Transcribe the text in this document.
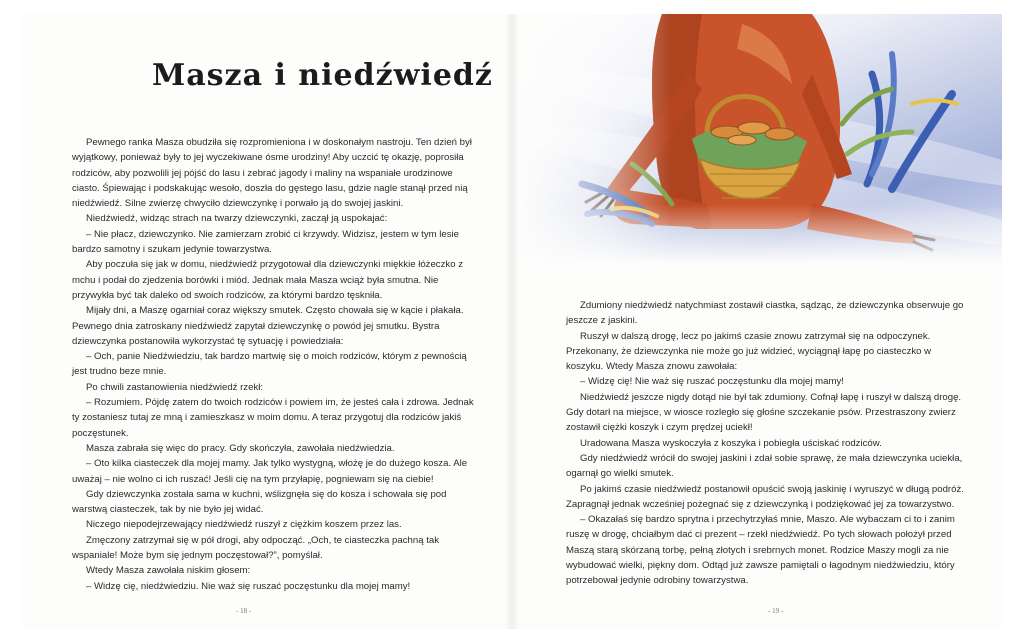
Masza i niedźwiedź

Pewnego ranka Masza obudziła się rozpromieniona i w doskonałym nastroju. Ten dzień był wyjątkowy, ponieważ były to jej wyczekiwane ósme urodziny! Aby uczcić tę okazję, poprosiła rodziców, aby pozwolili jej pójść do lasu i zebrać jagody i maliny na wspaniałe urodzinowe ciasto. Śpiewając i podskakując wesoło, doszła do gęstego lasu, gdzie nagle stanął przed nią niedźwiedź. Silne zwierzę chwyciło dziewczynkę i porwało ją do swojej jaskini.

Niedźwiedź, widząc strach na twarzy dziewczynki, zaczął ją uspokajać:

– Nie płacz, dziewczynko. Nie zamierzam zrobić ci krzywdy. Widzisz, jestem w tym lesie bardzo samotny i szukam jedynie towarzystwa.

Aby poczuła się jak w domu, niedźwiedź przygotował dla dziewczynki miękkie łóżeczko z mchu i podał do zjedzenia borówki i miód. Jednak mała Masza wciąż była smutna. Nie przywykła być tak daleko od swoich rodziców, za którymi bardzo tęskniła.

Mijały dni, a Maszę ogarniał coraz większy smutek. Często chowała się w kącie i płakała. Pewnego dnia zatroskany niedźwiedź zapytał dziewczynkę o powód jej smutku. Bystra dziewczynka postanowiła wykorzystać tę sytuację i powiedziała:

– Och, panie Niedźwiedziu, tak bardzo martwię się o moich rodziców, którym z pewnością jest trudno beze mnie.

Po chwili zastanowienia niedźwiedź rzekł:

– Rozumiem. Pójdę zatem do twoich rodziców i powiem im, że jesteś cała i zdrowa. Jednak ty zostaniesz tutaj ze mną i zamieszkasz w moim domu. A teraz przygotuj dla rodziców jakiś poczęstunek.

Masza zabrała się więc do pracy. Gdy skończyła, zawołała niedźwiedzia.

– Oto kilka ciasteczek dla mojej mamy. Jak tylko wystygną, włożę je do dużego kosza. Ale uważaj – nie wolno ci ich ruszać! Jeśli cię na tym przyłapię, pogniewam się na ciebie!

Gdy dziewczynka została sama w kuchni, wślizgnęła się do kosza i schowała się pod warstwą ciasteczek, tak by nie było jej widać.

Niczego niepodejrzewający niedźwiedź ruszył z ciężkim koszem przez las.

Zmęczony zatrzymał się w pół drogi, aby odpocząć. „Och, te ciasteczka pachną tak wspaniale! Może bym się jednym poczęstował?”, pomyślał.

Wtedy Masza zawołała niskim głosem:

– Widzę cię, niedźwiedziu. Nie waż się ruszać poczęstunku dla mojej mamy!

- 18 -

Zdumiony niedźwiedź natychmiast zostawił ciastka, sądząc, że dziewczynka obserwuje go jeszcze z jaskini.

Ruszył w dalszą drogę, lecz po jakimś czasie znowu zatrzymał się na odpoczynek. Przekonany, że dziewczynka nie może go już widzieć, wyciągnął łapę po ciasteczko w koszyku. Wtedy Masza znowu zawołała:

– Widzę cię! Nie waż się ruszać poczęstunku dla mojej mamy!

Niedźwiedź jeszcze nigdy dotąd nie był tak zdumiony. Cofnął łapę i ruszył w dalszą drogę. Gdy dotarł na miejsce, w wiosce rozległo się głośne szczekanie psów. Przestraszony zwierz zostawił ciężki koszyk i czym prędzej uciekł!

Uradowana Masza wyskoczyła z koszyka i pobiegła uściskać rodziców.

Gdy niedźwiedź wrócił do swojej jaskini i zdał sobie sprawę, że mała dziewczynka uciekła, ogarnął go wielki smutek.

Po jakimś czasie niedźwiedź postanowił opuścić swoją jaskinię i wyruszyć w długą podróż. Zapragnął jednak wcześniej pożegnać się z dziewczynką i podziękować jej za towarzystwo.

– Okazałaś się bardzo sprytna i przechytrzyłaś mnie, Maszo. Ale wybaczam ci to i zanim ruszę w drogę, chciałbym dać ci prezent – rzekł niedźwiedź. Po tych słowach położył przed Maszą starą skórzaną torbę, pełną złotych i srebrnych monet. Rodzice Maszy mogli za nie wybudować wielki, piękny dom. Odtąd już zawsze pamiętali o łagodnym niedźwiedziu, który potrzebował jedynie odrobiny towarzystwa.

- 19 -
